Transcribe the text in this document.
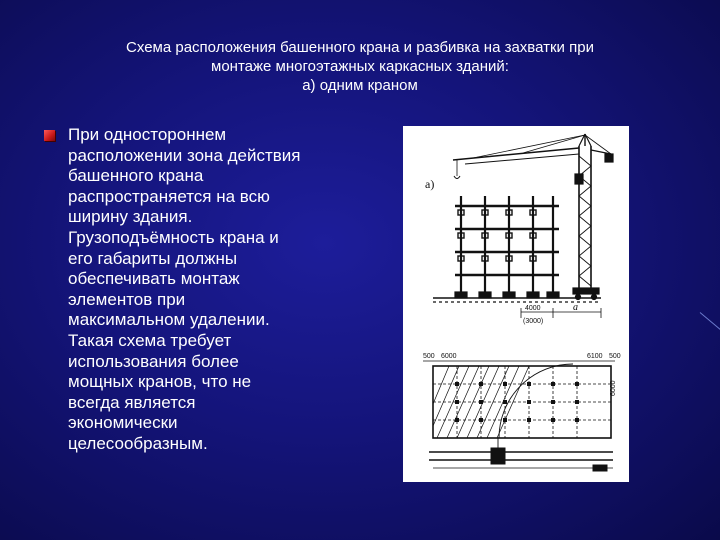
Схема расположения башенного крана и разбивка на захватки при
монтаже многоэтажных каркасных зданий:
а) одним краном
При одностороннем
расположении зона действия
башенного крана
распространяется на всю
ширину здания.
Грузоподъёмность крана и
его габариты должны
обеспечивать монтаж
элементов при
максимальном удалении.
Такая схема требует
использования более
мощных кранов, что не
всегда является
экономически
целесообразным.
а)
4000
(3000)
а
500 6000	6100 500
6000
